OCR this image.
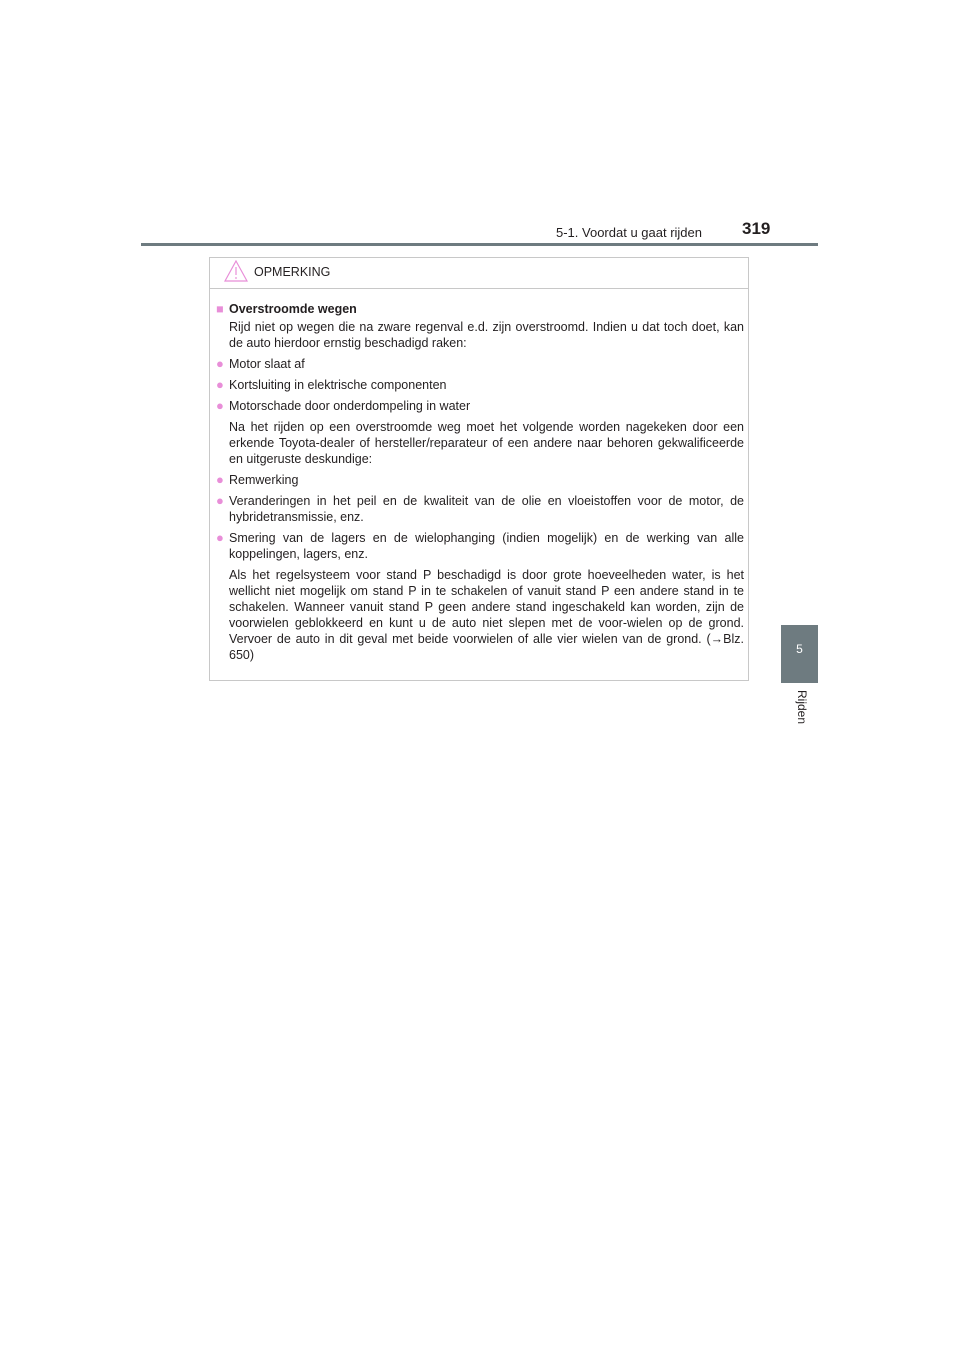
5-1. Voordat u gaat rijden 319
5
Rijden
OPMERKING
■ Overstroomde wegen
Rijd niet op wegen die na zware regenval e.d. zijn overstroomd. Indien u dat toch doet, kan de auto hierdoor ernstig beschadigd raken:
● Motor slaat af
● Kortsluiting in elektrische componenten
● Motorschade door onderdompeling in water
Na het rijden op een overstroomde weg moet het volgende worden nagekeken door een erkende Toyota-dealer of hersteller/reparateur of een andere naar behoren gekwalificeerde en uitgeruste deskundige:
● Remwerking
● Veranderingen in het peil en de kwaliteit van de olie en vloeistoffen voor de motor, de hybridetransmissie, enz.
● Smering van de lagers en de wielophanging (indien mogelijk) en de werking van alle koppelingen, lagers, enz.
Als het regelsysteem voor stand P beschadigd is door grote hoeveelheden water, is het wellicht niet mogelijk om stand P in te schakelen of vanuit stand P een andere stand in te schakelen. Wanneer vanuit stand P geen andere stand ingeschakeld kan worden, zijn de voorwielen geblokkeerd en kunt u de auto niet slepen met de voor-wielen op de grond. Vervoer de auto in dit geval met beide voorwielen of alle vier wielen van de grond. (→Blz. 650)
